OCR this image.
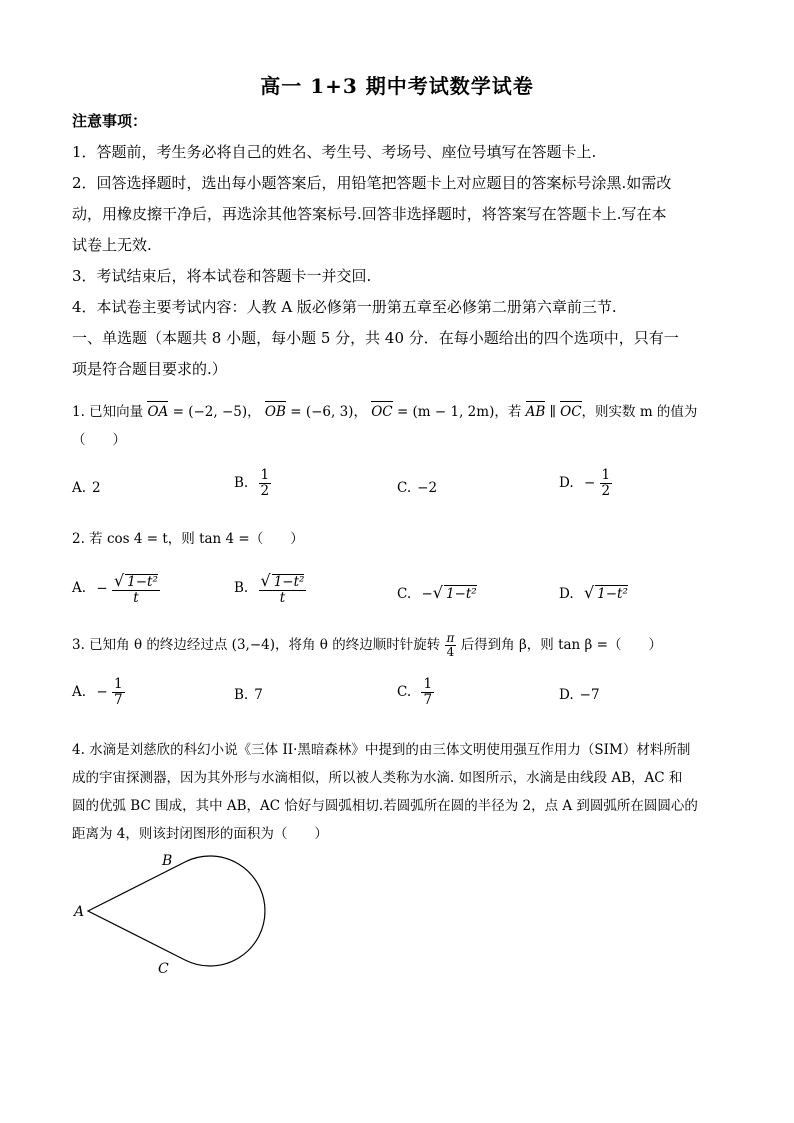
高一 1+3 期中考试数学试卷
注意事项：
1．答题前，考生务必将自己的姓名、考生号、考场号、座位号填写在答题卡上.
2．回答选择题时，选出每小题答案后，用铅笔把答题卡上对应题目的答案标号涂黑.如需改
动，用橡皮擦干净后，再选涂其他答案标号.回答非选择题时，将答案写在答题卡上.写在本
试卷上无效.
3．考试结束后，将本试卷和答题卡一并交回.
4．本试卷主要考试内容：人教 A 版必修第一册第五章至必修第二册第六章前三节.
一、单选题（本题共 8 小题，每小题 5 分，共 40 分．在每小题给出的四个选项中，只有一
项是符合题目要求的.）
1. 已知向量 OA = (−2, −5)， OB = (−6, 3)， OC = (m − 1, 2m)，若 AB ∥ OC，则实数 m 的值为
（　　）
A. 2	B. $\frac{1}{2}$	C. −2	D. − $\frac{1}{2}$
2. 若 cos 4 = t，则 tan 4 =（　　）
A. − $\frac{\text{√ 1−t²}}{t}$	B. $\frac{\text{√ 1−t²}}{t}$	C. −√ 1−t²	D. √ 1−t²
3. 已知角 θ 的终边经过点 (3,−4)，将角 θ 的终边顺时针旋转 $\frac{\pi}{4}$ 后得到角 β，则 tan β =（　　）
A. − $\frac{1}{7}$	B. 7	C. $\frac{1}{7}$	D. −7
4. 水滴是刘慈欣的科幻小说《三体 II·黑暗森林》中提到的由三体文明使用强互作用力（SIM）材料所制
成的宇宙探测器，因为其外形与水滴相似，所以被人类称为水滴. 如图所示，水滴是由线段 AB，AC 和
圆的优弧 BC 围成，其中 AB，AC 恰好与圆弧相切.若圆弧所在圆的半径为 2，点 A 到圆弧所在圆圆心的
距离为 4，则该封闭图形的面积为（　　）
A
B
C
